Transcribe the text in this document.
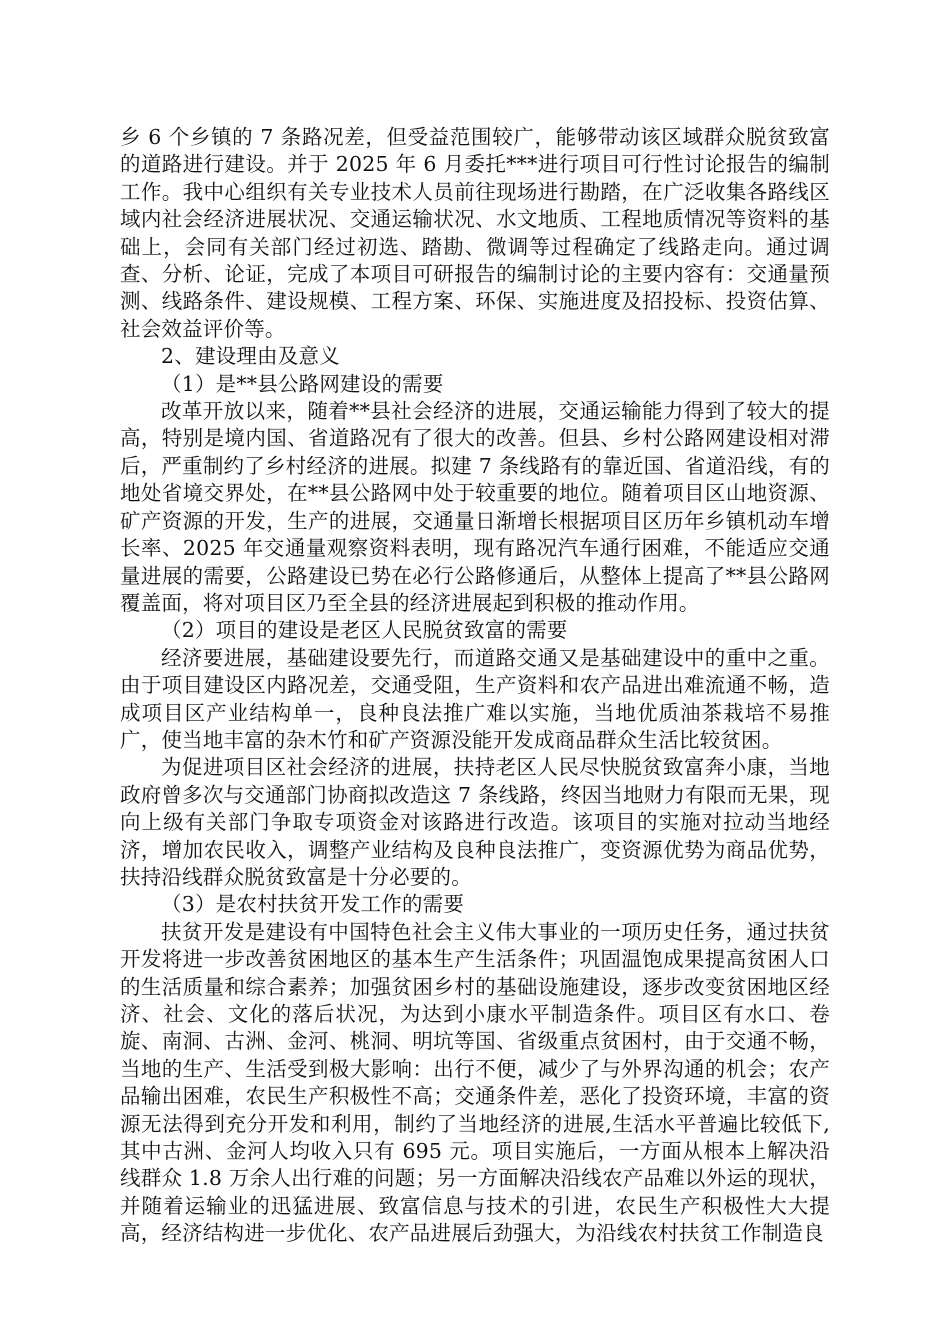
乡 6 个乡镇的 7 条路况差，但受益范围较广，能够带动该区域群众脱贫致富的道路进行建设。并于 2025 年 6 月委托***进行项目可行性讨论报告的编制工作。我中心组织有关专业技术人员前往现场进行勘踏，在广泛收集各路线区域内社会经济进展状况、交通运输状况、水文地质、工程地质情况等资料的基础上，会同有关部门经过初选、踏勘、微调等过程确定了线路走向。通过调查、分析、论证，完成了本项目可研报告的编制讨论的主要内容有：交通量预测、线路条件、建设规模、工程方案、环保、实施进度及招投标、投资估算、社会效益评价等。

2、建设理由及意义

（1）是**县公路网建设的需要

改革开放以来，随着**县社会经济的进展，交通运输能力得到了较大的提高，特别是境内国、省道路况有了很大的改善。但县、乡村公路网建设相对滞后，严重制约了乡村经济的进展。拟建 7 条线路有的靠近国、省道沿线，有的地处省境交界处，在**县公路网中处于较重要的地位。随着项目区山地资源、矿产资源的开发，生产的进展，交通量日渐增长根据项目区历年乡镇机动车增长率、2025 年交通量观察资料表明，现有路况汽车通行困难，不能适应交通量进展的需要，公路建设已势在必行公路修通后，从整体上提高了**县公路网覆盖面，将对项目区乃至全县的经济进展起到积极的推动作用。

（2）项目的建设是老区人民脱贫致富的需要

经济要进展，基础建设要先行，而道路交通又是基础建设中的重中之重。由于项目建设区内路况差，交通受阻，生产资料和农产品进出难流通不畅，造成项目区产业结构单一，良种良法推广难以实施，当地优质油茶栽培不易推广，使当地丰富的杂木竹和矿产资源没能开发成商品群众生活比较贫困。

为促进项目区社会经济的进展，扶持老区人民尽快脱贫致富奔小康，当地政府曾多次与交通部门协商拟改造这 7 条线路，终因当地财力有限而无果，现向上级有关部门争取专项资金对该路进行改造。该项目的实施对拉动当地经济，增加农民收入，调整产业结构及良种良法推广，变资源优势为商品优势，扶持沿线群众脱贫致富是十分必要的。

（3）是农村扶贫开发工作的需要

扶贫开发是建设有中国特色社会主义伟大事业的一项历史任务，通过扶贫开发将进一步改善贫困地区的基本生产生活条件；巩固温饱成果提高贫困人口的生活质量和综合素养；加强贫困乡村的基础设施建设，逐步改变贫困地区经济、社会、文化的落后状况，为达到小康水平制造条件。项目区有水口、卷旋、南洞、古洲、金河、桃洞、明坑等国、省级重点贫困村，由于交通不畅，当地的生产、生活受到极大影响：出行不便，减少了与外界沟通的机会；农产品输出困难，农民生产积极性不高；交通条件差，恶化了投资环境，丰富的资源无法得到充分开发和利用，制约了当地经济的进展,生活水平普遍比较低下,其中古洲、金河人均收入只有 695 元。项目实施后，一方面从根本上解决沿线群众 1.8 万余人出行难的问题；另一方面解决沿线农产品难以外运的现状，并随着运输业的迅猛进展、致富信息与技术的引进，农民生产积极性大大提高，经济结构进一步优化、农产品进展后劲强大，为沿线农村扶贫工作制造良
